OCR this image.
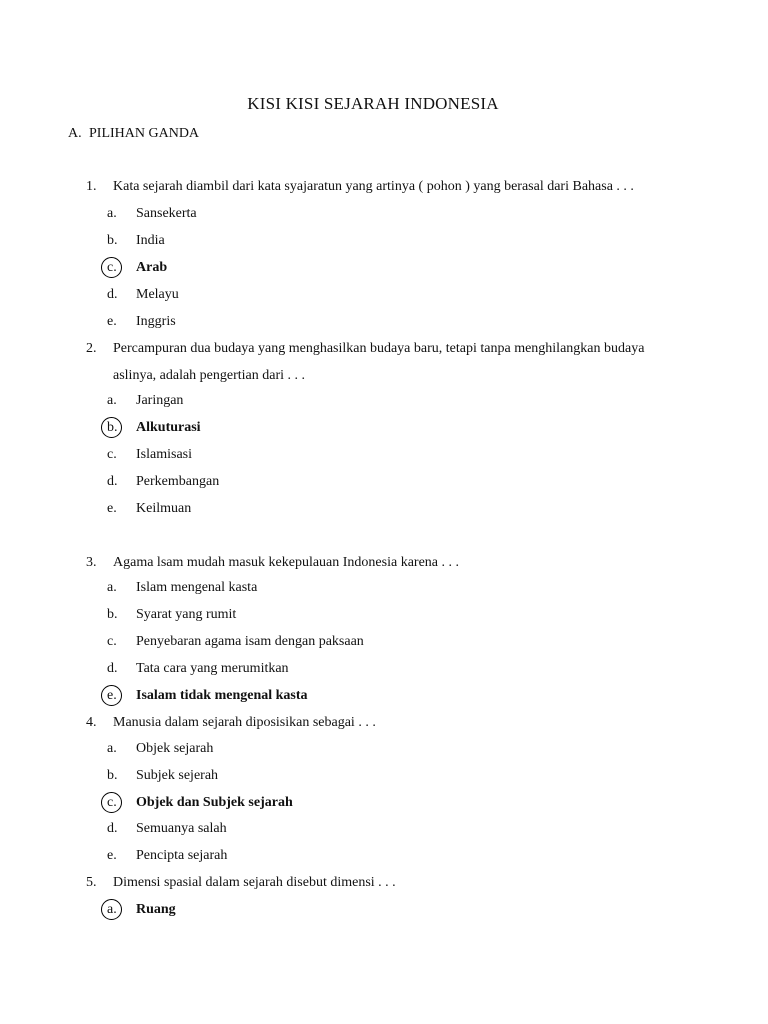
KISI KISI SEJARAH INDONESIA
A. PILIHAN GANDA
1. Kata sejarah diambil dari kata syajaratun yang artinya ( pohon ) yang berasal dari Bahasa . . .
a. Sansekerta
b. India
c. Arab
d. Melayu
e. Inggris
2. Percampuran dua budaya yang menghasilkan budaya baru, tetapi tanpa menghilangkan budaya
aslinya, adalah pengertian dari . . .
a. Jaringan
b. Alkuturasi
c. Islamisasi
d. Perkembangan
e. Keilmuan
3. Agama lsam mudah masuk kekepulauan Indonesia karena . . .
a. Islam mengenal kasta
b. Syarat yang rumit
c. Penyebaran agama isam dengan paksaan
d. Tata cara yang merumitkan
e. Isalam tidak mengenal kasta
4. Manusia dalam sejarah diposisikan sebagai . . .
a. Objek sejarah
b. Subjek sejerah
c. Objek dan Subjek sejarah
d. Semuanya salah
e. Pencipta sejarah
5. Dimensi spasial dalam sejarah disebut dimensi . . .
a. Ruang
